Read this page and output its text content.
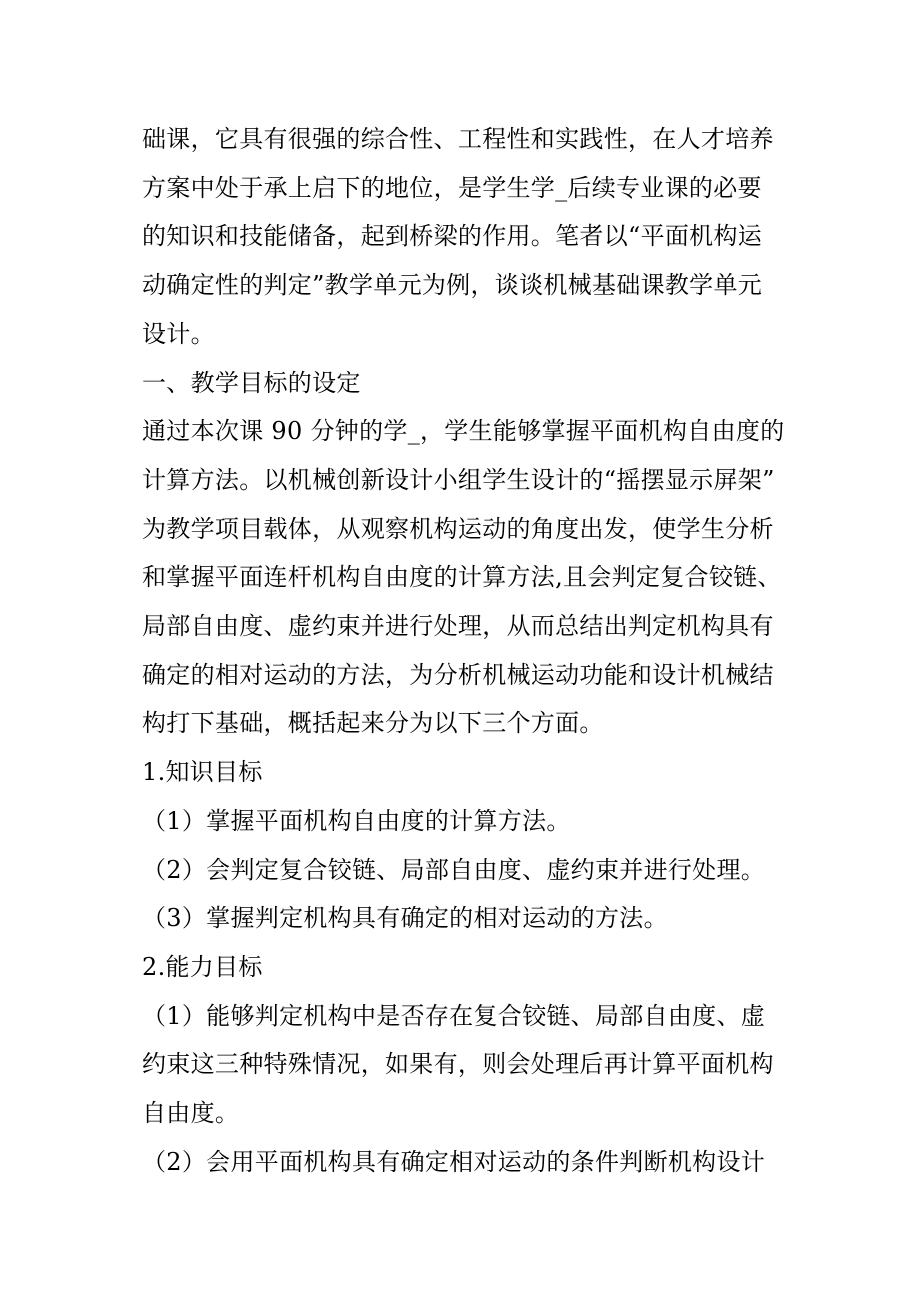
础课，它具有很强的综合性、工程性和实践性，在人才培养

方案中处于承上启下的地位，是学生学_后续专业课的必要

的知识和技能储备，起到桥梁的作用。笔者以“平面机构运

动确定性的判定”教学单元为例，谈谈机械基础课教学单元

设计。

一、教学目标的设定

通过本次课 90 分钟的学_，学生能够掌握平面机构自由度的

计算方法。以机械创新设计小组学生设计的“摇摆显示屏架”

为教学项目载体，从观察机构运动的角度出发，使学生分析

和掌握平面连杆机构自由度的计算方法,且会判定复合铰链、

局部自由度、虚约束并进行处理，从而总结出判定机构具有

确定的相对运动的方法，为分析机械运动功能和设计机械结

构打下基础，概括起来分为以下三个方面。

1.知识目标

（1）掌握平面机构自由度的计算方法。

（2）会判定复合铰链、局部自由度、虚约束并进行处理。

（3）掌握判定机构具有确定的相对运动的方法。

2.能力目标

（1）能够判定机构中是否存在复合铰链、局部自由度、虚

约束这三种特殊情况，如果有，则会处理后再计算平面机构

自由度。

（2）会用平面机构具有确定相对运动的条件判断机构设计
